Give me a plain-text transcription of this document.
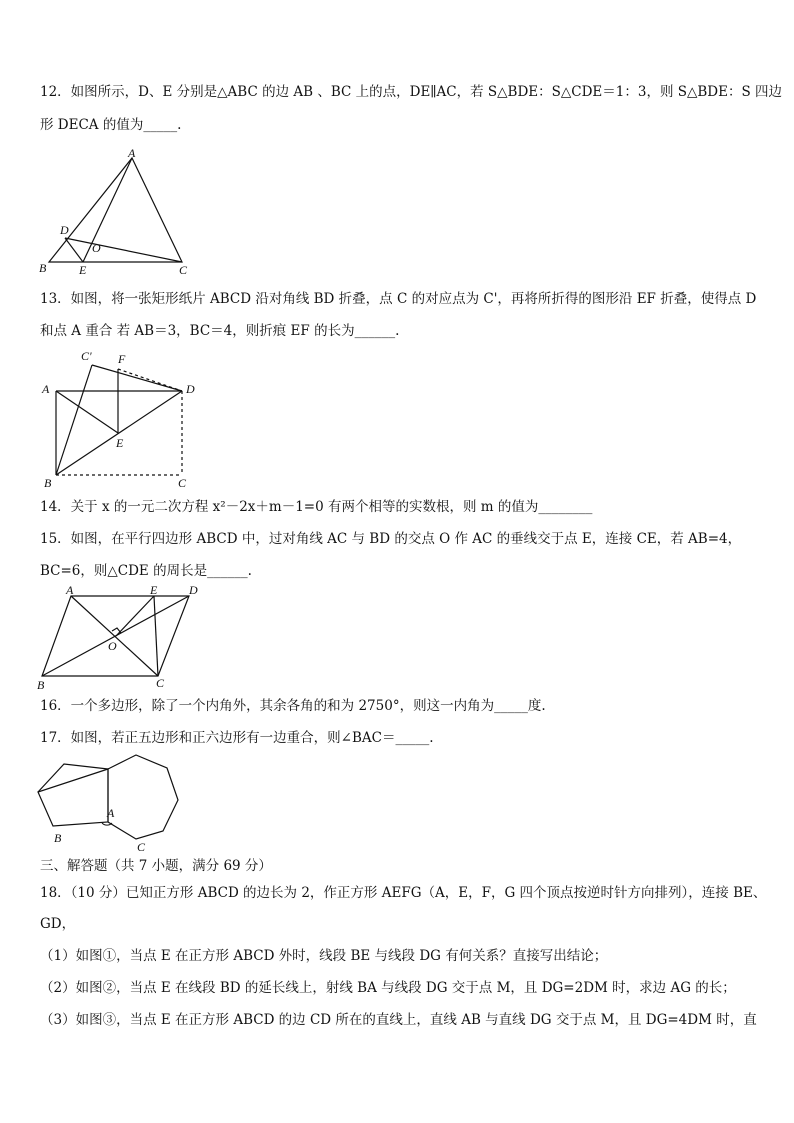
12．如图所示，D、E 分别是△ABC 的边 AB 、BC 上的点，DE∥AC，若 S△BDE：S△CDE＝1：3，则 S△BDE：S 四边
形 DECA 的值为_____.
A
D
O
B	E	C
13．如图，将一张矩形纸片 ABCD 沿对角线 BD 折叠，点 C 的对应点为 C'，再将所折得的图形沿 EF 折叠，使得点 D
和点 A 重合 若 AB＝3，BC＝4，则折痕 EF 的长为______.
C' F
A	D
E
B	C
14．关于 x 的一元二次方程 x²－2x＋m－1=0 有两个相等的实数根，则 m 的值为________
15．如图，在平行四边形 ABCD 中，过对角线 AC 与 BD 的交点 O 作 AC 的垂线交于点 E，连接 CE，若 AB=4，
BC=6，则△CDE 的周长是______.
A	E	D
O
B	C
16．一个多边形，除了一个内角外，其余各角的和为 2750°，则这一内角为_____度.
17．如图，若正五边形和正六边形有一边重合，则∠BAC＝_____.
A
B
C
三、解答题（共 7 小题，满分 69 分）
18．（10 分）已知正方形 ABCD 的边长为 2，作正方形 AEFG（A，E，F，G 四个顶点按逆时针方向排列），连接 BE、
GD，
（1）如图①，当点 E 在正方形 ABCD 外时，线段 BE 与线段 DG 有何关系？直接写出结论；
（2）如图②，当点 E 在线段 BD 的延长线上，射线 BA 与线段 DG 交于点 M，且 DG=2DM 时，求边 AG 的长；
（3）如图③，当点 E 在正方形 ABCD 的边 CD 所在的直线上，直线 AB 与直线 DG 交于点 M，且 DG=4DM 时，直
